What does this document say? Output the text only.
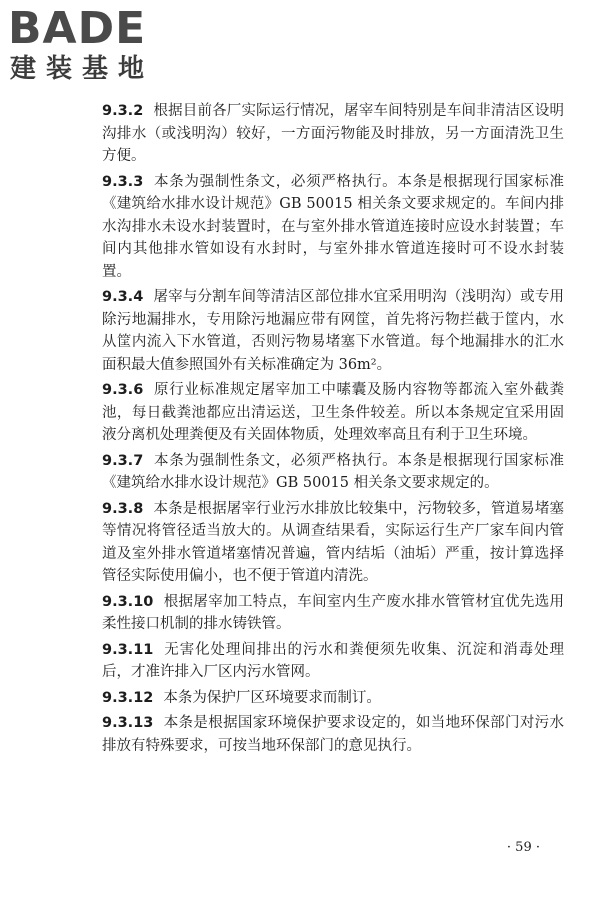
BADE
建装基地

9.3.2 根据目前各厂实际运行情况，屠宰车间特别是车间非清洁区设明沟排水（或浅明沟）较好，一方面污物能及时排放，另一方面清洗卫生方便。

9.3.3 本条为强制性条文，必须严格执行。本条是根据现行国家标准《建筑给水排水设计规范》GB 50015 相关条文要求规定的。车间内排水沟排水未设水封装置时，在与室外排水管道连接时应设水封装置；车间内其他排水管如设有水封时，与室外排水管道连接时可不设水封装置。

9.3.4 屠宰与分割车间等清洁区部位排水宜采用明沟（浅明沟）或专用除污地漏排水，专用除污地漏应带有网筐，首先将污物拦截于筐内，水从筐内流入下水管道，否则污物易堵塞下水管道。每个地漏排水的汇水面积最大值参照国外有关标准确定为 36m²。

9.3.6 原行业标准规定屠宰加工中嗉囊及肠内容物等都流入室外截粪池，每日截粪池都应出清运送，卫生条件较差。所以本条规定宜采用固液分离机处理粪便及有关固体物质，处理效率高且有利于卫生环境。

9.3.7 本条为强制性条文，必须严格执行。本条是根据现行国家标准《建筑给水排水设计规范》GB 50015 相关条文要求规定的。

9.3.8 本条是根据屠宰行业污水排放比较集中，污物较多，管道易堵塞等情况将管径适当放大的。从调查结果看，实际运行生产厂家车间内管道及室外排水管道堵塞情况普遍，管内结垢（油垢）严重，按计算选择管径实际使用偏小，也不便于管道内清洗。

9.3.10 根据屠宰加工特点，车间室内生产废水排水管管材宜优先选用柔性接口机制的排水铸铁管。

9.3.11 无害化处理间排出的污水和粪便须先收集、沉淀和消毒处理后，才准许排入厂区内污水管网。

9.3.12 本条为保护厂区环境要求而制订。

9.3.13 本条是根据国家环境保护要求设定的，如当地环保部门对污水排放有特殊要求，可按当地环保部门的意见执行。

· 59 ·
